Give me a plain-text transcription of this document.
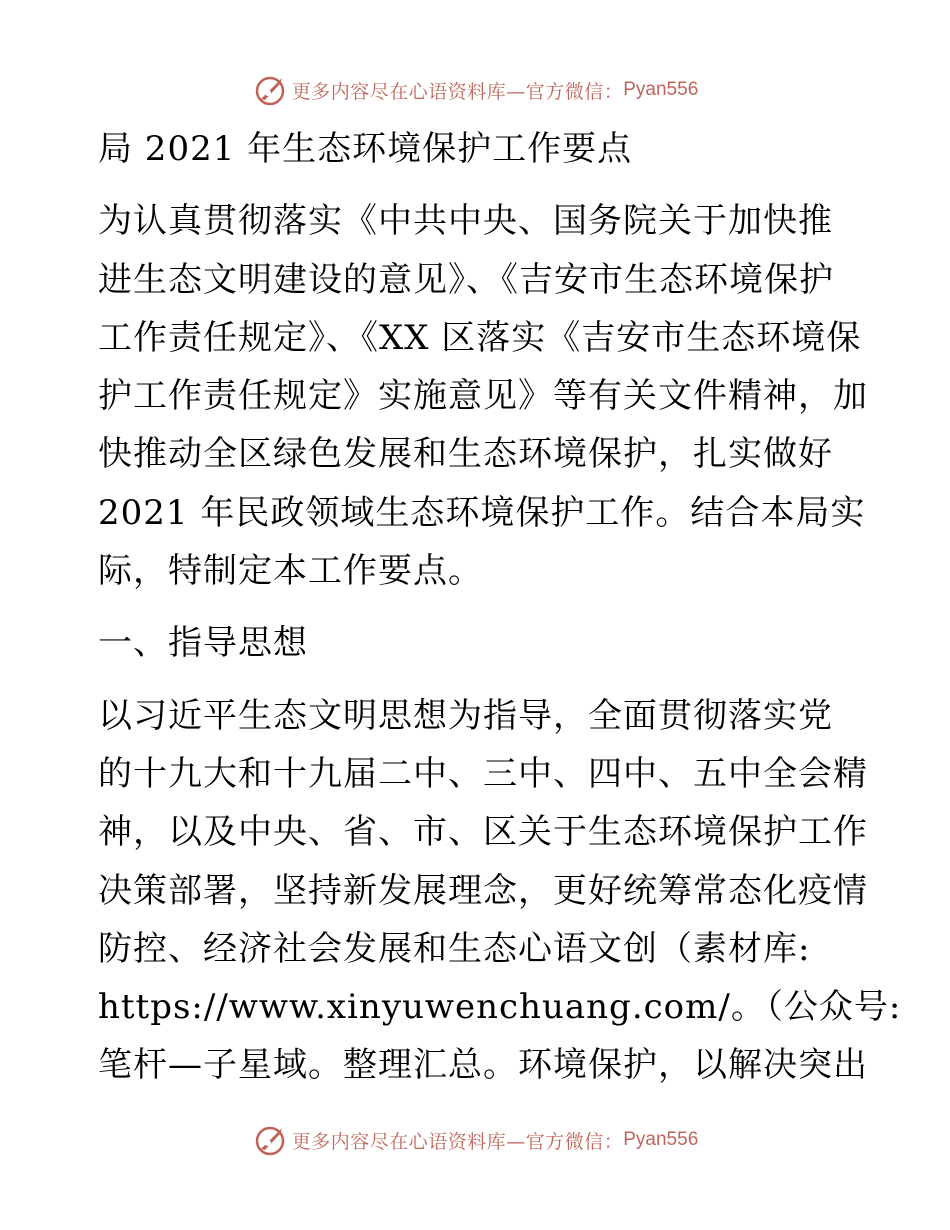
更多内容尽在心语资料库—官方微信： Pyan556
局 2021 年生态环境保护工作要点
为认真贯彻落实《中共中央、国务院关于加快推
进生态文明建设的意见》、《吉安市生态环境保护
工作责任规定》、《XX 区落实《吉安市生态环境保
护工作责任规定》实施意见》等有关文件精神，加
快推动全区绿色发展和生态环境保护，扎实做好
2021 年民政领域生态环境保护工作。结合本局实
际，特制定本工作要点。
一、指导思想
以习近平生态文明思想为指导，全面贯彻落实党
的十九大和十九届二中、三中、四中、五中全会精
神，以及中央、省、市、区关于生态环境保护工作
决策部署，坚持新发展理念，更好统筹常态化疫情
防控、经济社会发展和生态心语文创（素材库:
https://www.xinyuwenchuang.com/。（公众号:
笔杆—子星域。整理汇总。环境保护，以解决突出
更多内容尽在心语资料库—官方微信： Pyan556
